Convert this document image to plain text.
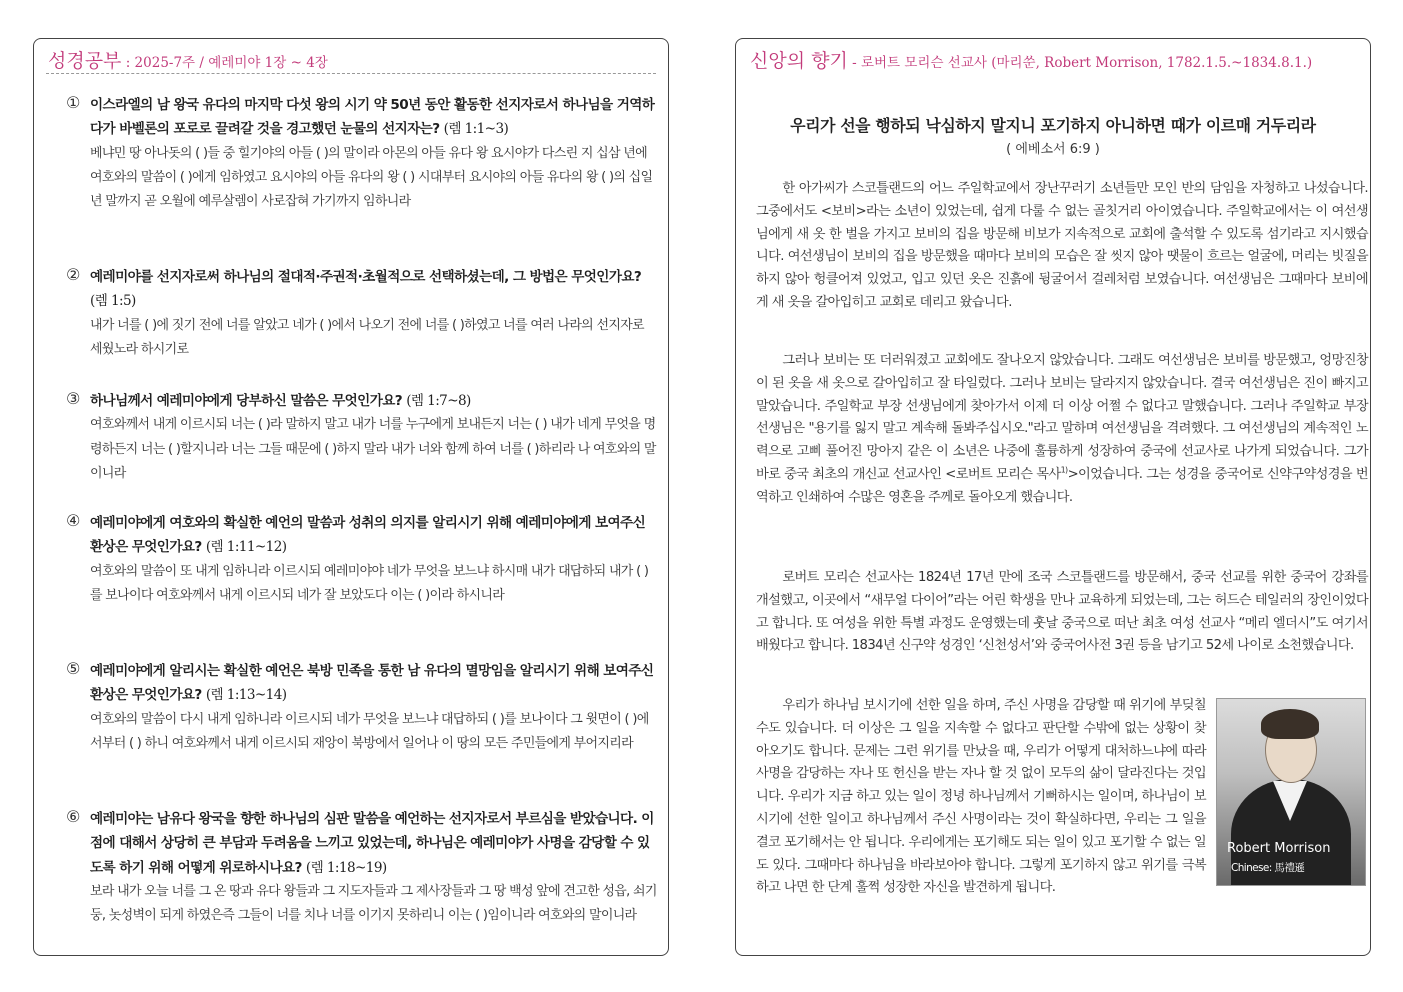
성경공부 : 2025-7주 / 예레미야 1장 ~ 4장
① 이스라엘의 남 왕국 유다의 마지막 다섯 왕의 시기 약 50년 동안 활동한 선지자로서 하나님을 거역하다가 바벨론의 포로로 끌려갈 것을 경고했던 눈물의 선지자는? (렘 1:1~3)
베냐민 땅 아나돗의 ( )들 중 힐기야의 아들 ( )의 말이라 아몬의 아들 유다 왕 요시야가 다스린 지 십삼 년에 여호와의 말씀이 ( )에게 임하였고 요시야의 아들 유다의 왕 ( ) 시대부터 요시야의 아들 유다의 왕 ( )의 십일년 말까지 곧 오월에 예루살렘이 사로잡혀 가기까지 임하니라
② 예레미야를 선지자로써 하나님의 절대적·주권적·초월적으로 선택하셨는데, 그 방법은 무엇인가요?(렘 1:5)
내가 너를 ( )에 짓기 전에 너를 알았고 네가 ( )에서 나오기 전에 너를 ( )하였고 너를 여러 나라의 선지자로 세웠노라 하시기로
③ 하나님께서 예레미야에게 당부하신 말씀은 무엇인가요? (렘 1:7~8)
여호와께서 내게 이르시되 너는 ( )라 말하지 말고 내가 너를 누구에게 보내든지 너는 ( ) 내가 네게 무엇을 명령하든지 너는 ( )할지니라 너는 그들 때문에 ( )하지 말라 내가 너와 함께 하여 너를 ( )하리라 나 여호와의 말이니라
④ 예레미야에게 여호와의 확실한 예언의 말씀과 성취의 의지를 알리시기 위해 예레미야에게 보여주신 환상은 무엇인가요? (렘 1:11~12)
여호와의 말씀이 또 내게 임하니라 이르시되 예레미야야 네가 무엇을 보느냐 하시매 내가 대답하되 내가 ( )를 보나이다 여호와께서 내게 이르시되 네가 잘 보았도다 이는 ( )이라 하시니라
⑤ 예레미야에게 알리시는 확실한 예언은 북방 민족을 통한 남 유다의 멸망임을 알리시기 위해 보여주신 환상은 무엇인가요? (렘 1:13~14)
여호와의 말씀이 다시 내게 임하니라 이르시되 네가 무엇을 보느냐 대답하되 ( )를 보나이다 그 윗면이 ( )에서부터 ( ) 하니 여호와께서 내게 이르시되 재앙이 북방에서 일어나 이 땅의 모든 주민들에게 부어지리라
⑥ 예레미야는 남유다 왕국을 향한 하나님의 심판 말씀을 예언하는 선지자로서 부르심을 받았습니다. 이 점에 대해서 상당히 큰 부담과 두려움을 느끼고 있었는데, 하나님은 예레미야가 사명을 감당할 수 있도록 하기 위해 어떻게 위로하시나요? (렘 1:18~19)
보라 내가 오늘 너를 그 온 땅과 유다 왕들과 그 지도자들과 그 제사장들과 그 땅 백성 앞에 견고한 성읍, 쇠기둥, 놋성벽이 되게 하였은즉 그들이 너를 치나 너를 이기지 못하리니 이는 ( )임이니라 여호와의 말이니라
신앙의 향기 - 로버트 모리슨 선교사 (마리쑨, Robert Morrison, 1782.1.5.~1834.8.1.)
우리가 선을 행하되 낙심하지 말지니 포기하지 아니하면 때가 이르매 거두리라
( 에베소서 6:9 )
한 아가씨가 스코틀랜드의 어느 주일학교에서 장난꾸러기 소년들만 모인 반의 담임을 자청하고 나섰습니다. 그중에서도 <보비>라는 소년이 있었는데, 쉽게 다룰 수 없는 골칫거리 아이였습니다. 주일학교에서는 이 여선생님에게 새 옷 한 벌을 가지고 보비의 집을 방문해 비보가 지속적으로 교회에 출석할 수 있도록 섬기라고 지시했습니다. 여선생님이 보비의 집을 방문했을 때마다 보비의 모습은 잘 씻지 않아 땟물이 흐르는 얼굴에, 머리는 빗질을 하지 않아 헝클어져 있었고, 입고 있던 옷은 진흙에 뒹굴어서 걸레처럼 보였습니다. 여선생님은 그때마다 보비에게 새 옷을 갈아입히고 교회로 데리고 왔습니다.
그러나 보비는 또 더러워졌고 교회에도 잘나오지 않았습니다. 그래도 여선생님은 보비를 방문했고, 엉망진창이 된 옷을 새 옷으로 갈아입히고 잘 타일렀다. 그러나 보비는 달라지지 않았습니다. 결국 여선생님은 진이 빠지고 말았습니다. 주일학교 부장 선생님에게 찾아가서 이제 더 이상 어쩔 수 없다고 말했습니다. 그러나 주일학교 부장 선생님은 "용기를 잃지 말고 계속해 돌봐주십시오."라고 말하며 여선생님을 격려했다. 그 여선생님의 계속적인 노력으로 고삐 풀어진 망아지 같은 이 소년은 나중에 훌륭하게 성장하여 중국에 선교사로 나가게 되었습니다. 그가 바로 중국 최초의 개신교 선교사인 <로버트 모리슨 목사$^{1)}$>이었습니다. 그는 성경을 중국어로 신약구약성경을 번역하고 인쇄하여 수많은 영혼을 주께로 돌아오게 했습니다.
로버트 모리슨 선교사는 1824년 17년 만에 조국 스코틀랜드를 방문해서, 중국 선교를 위한 중국어 강좌를 개설했고, 이곳에서 “새무얼 다이어”라는 어린 학생을 만나 교육하게 되었는데, 그는 허드슨 테일러의 장인이었다고 합니다. 또 여성을 위한 특별 과정도 운영했는데 훗날 중국으로 떠난 최초 여성 선교사 “메리 엘더시”도 여기서 배웠다고 합니다. 1834년 신구약 성경인 ‘신천성서’와 중국어사전 3권 등을 남기고 52세 나이로 소천했습니다.
Robert Morrison
Chinese: 馬禮遜
우리가 하나님 보시기에 선한 일을 하며, 주신 사명을 감당할 때 위기에 부딪칠 수도 있습니다. 더 이상은 그 일을 지속할 수 없다고 판단할 수밖에 없는 상황이 찾아오기도 합니다. 문제는 그런 위기를 만났을 때, 우리가 어떻게 대처하느냐에 따라 사명을 감당하는 자나 또 헌신을 받는 자나 할 것 없이 모두의 삶이 달라진다는 것입니다. 우리가 지금 하고 있는 일이 정녕 하나님께서 기뻐하시는 일이며, 하나님이 보시기에 선한 일이고 하나님께서 주신 사명이라는 것이 확실하다면, 우리는 그 일을 결코 포기해서는 안 됩니다. 우리에게는 포기해도 되는 일이 있고 포기할 수 없는 일도 있다. 그때마다 하나님을 바라보아야 합니다. 그렇게 포기하지 않고 위기를 극복하고 나면 한 단계 훌쩍 성장한 자신을 발견하게 됩니다.
